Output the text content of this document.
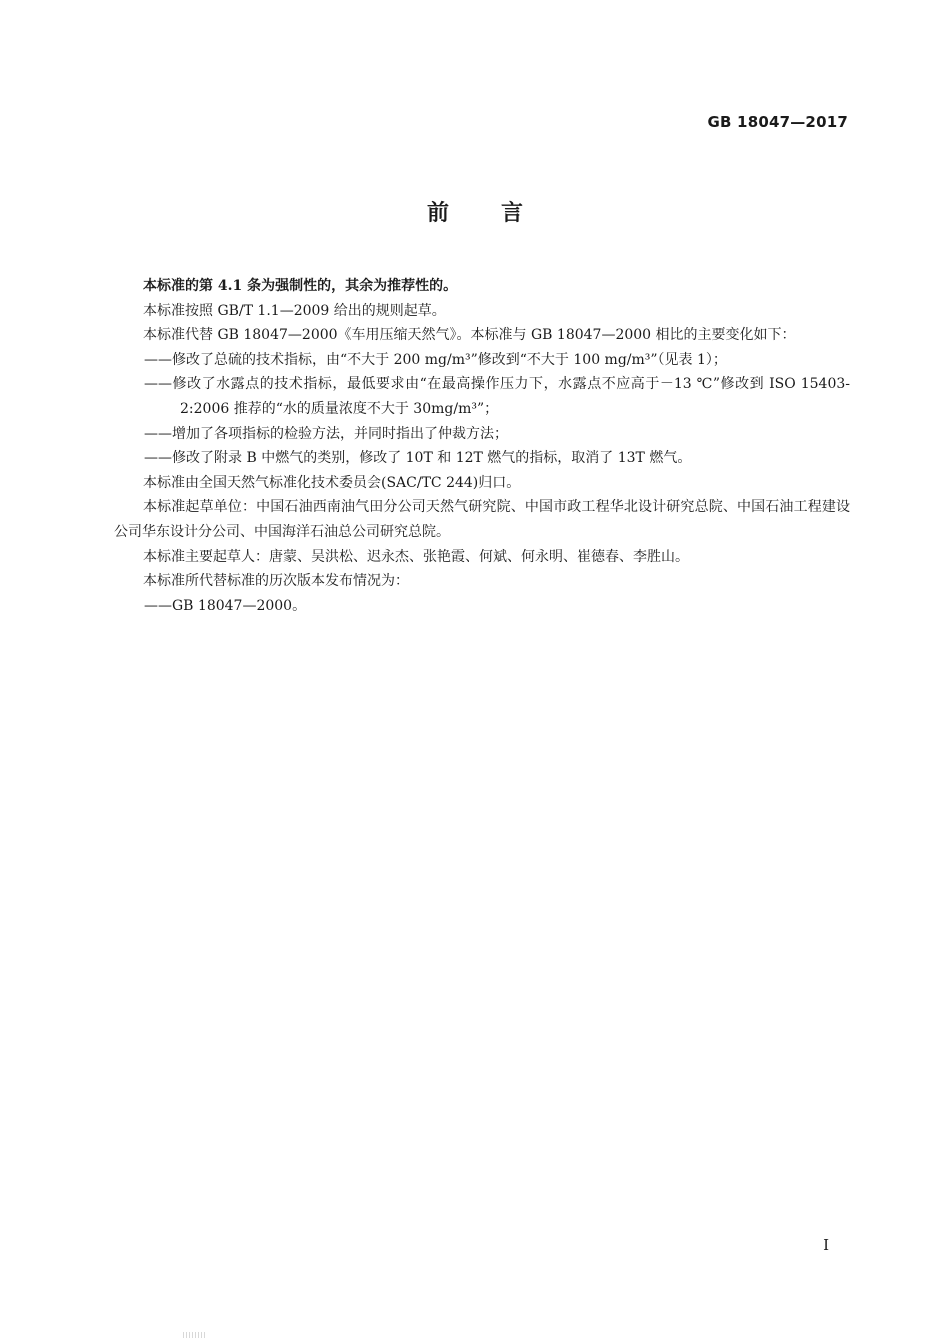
GB 18047—2017
前 言

本标准的第 4.1 条为强制性的，其余为推荐性的。

本标准按照 GB/T 1.1—2009 给出的规则起草。

本标准代替 GB 18047—2000《车用压缩天然气》。本标准与 GB 18047—2000 相比的主要变化如下：

——修改了总硫的技术指标，由“不大于 200 mg/m³”修改到“不大于 100 mg/m³”（见表 1）；

——修改了水露点的技术指标，最低要求由“在最高操作压力下，水露点不应高于－13 ℃”修改到 ISO 15403-2:2006 推荐的“水的质量浓度不大于 30mg/m³”；

——增加了各项指标的检验方法，并同时指出了仲裁方法；

——修改了附录 B 中燃气的类别，修改了 10T 和 12T 燃气的指标，取消了 13T 燃气。

本标准由全国天然气标准化技术委员会(SAC/TC 244)归口。

本标准起草单位：中国石油西南油气田分公司天然气研究院、中国市政工程华北设计研究总院、中国石油工程建设公司华东设计分公司、中国海洋石油总公司研究总院。

本标准主要起草人：唐蒙、吴洪松、迟永杰、张艳霞、何斌、何永明、崔德春、李胜山。

本标准所代替标准的历次版本发布情况为：

——GB 18047—2000。

I
